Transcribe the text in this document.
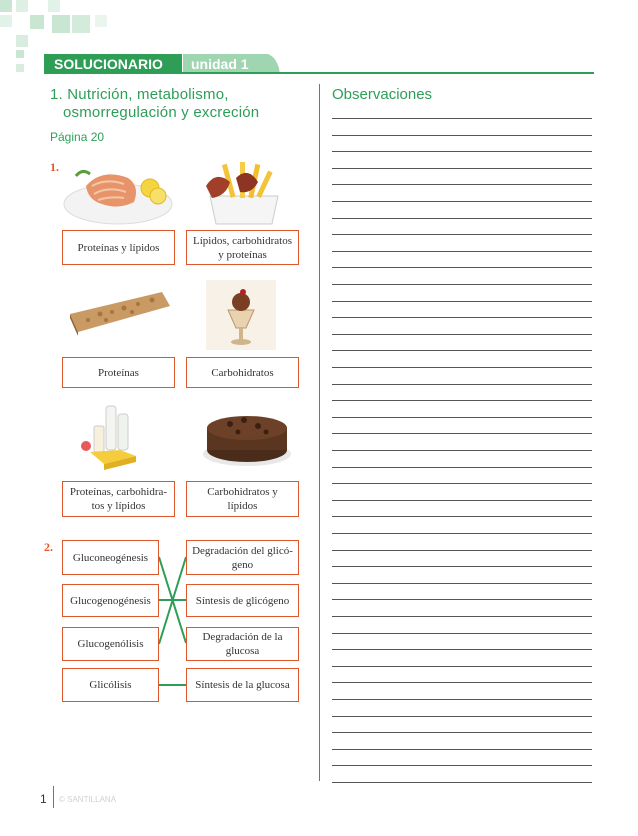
SOLUCIONARIO	unidad 1
1. Nutrición, metabolismo,
osmorregulación y excreción
Página 20
1.
Proteínas y lípidos
Lípidos, carbohidratos y proteínas
Proteínas	Carbohidratos
Proteínas, carbohidra-tos y lípidos
Carbohidratos y lípidos
2.
Gluconeogénesis
Glucogenogénesis
Glucogenólisis
Glicólisis
Degradación del glicó-geno
Síntesis de glicógeno
Degradación de la glucosa
Síntesis de la glucosa
Observaciones
1 © SANTILLANA
